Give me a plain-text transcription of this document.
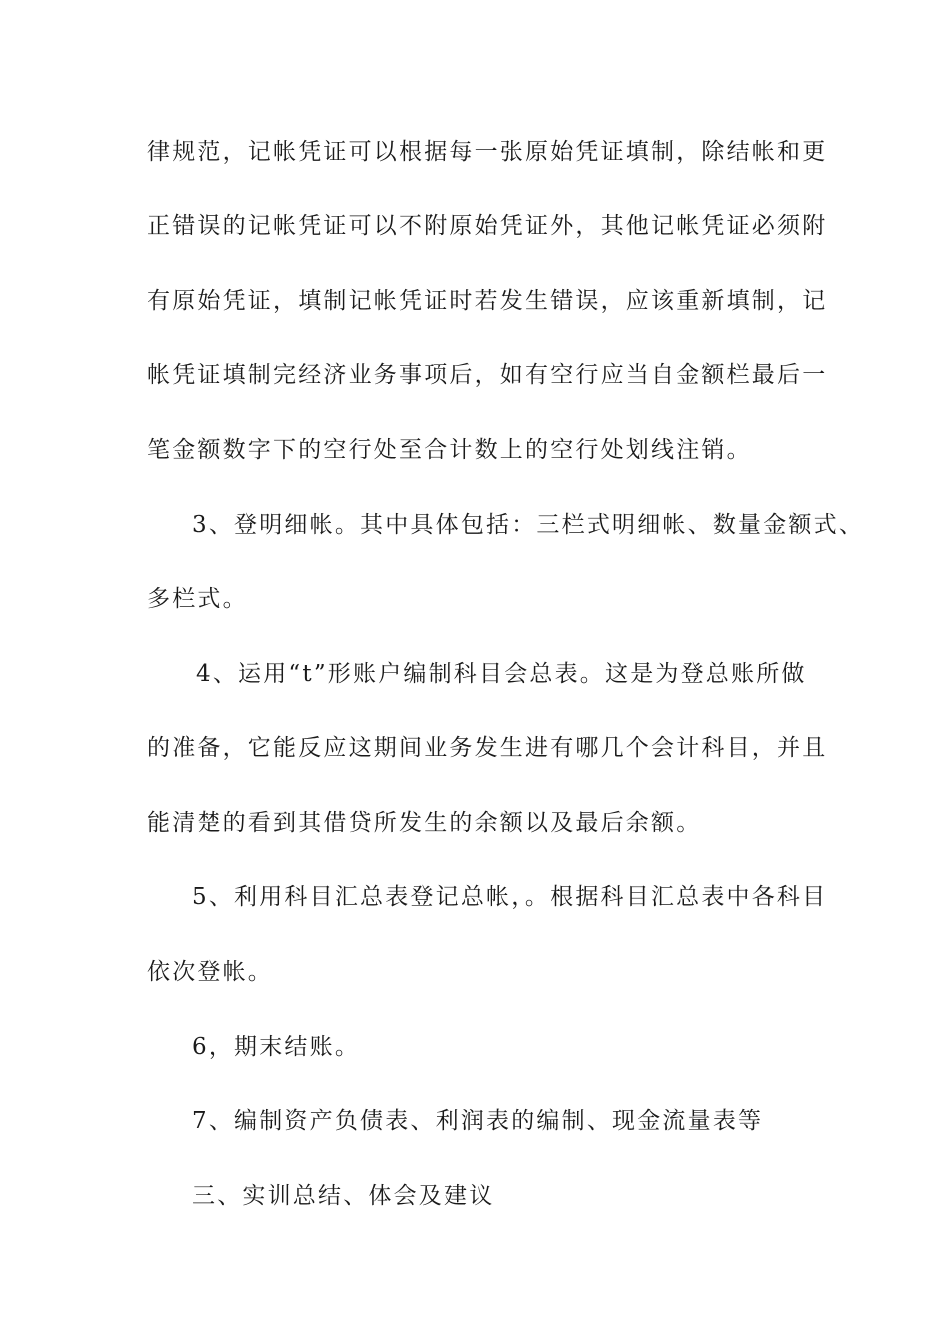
律规范，记帐凭证可以根据每一张原始凭证填制，除结帐和更
正错误的记帐凭证可以不附原始凭证外，其他记帐凭证必须附
有原始凭证，填制记帐凭证时若发生错误，应该重新填制，记
帐凭证填制完经济业务事项后，如有空行应当自金额栏最后一
笔金额数字下的空行处至合计数上的空行处划线注销。
3、登明细帐。其中具体包括：三栏式明细帐、数量金额式、
多栏式。
4、运用“t”形账户编制科目会总表。这是为登总账所做
的准备，它能反应这期间业务发生进有哪几个会计科目，并且
能清楚的看到其借贷所发生的余额以及最后余额。
5、利用科目汇总表登记总帐，。根据科目汇总表中各科目
依次登帐。
6，期末结账。
7、编制资产负债表、利润表的编制、现金流量表等
三、实训总结、体会及建议
